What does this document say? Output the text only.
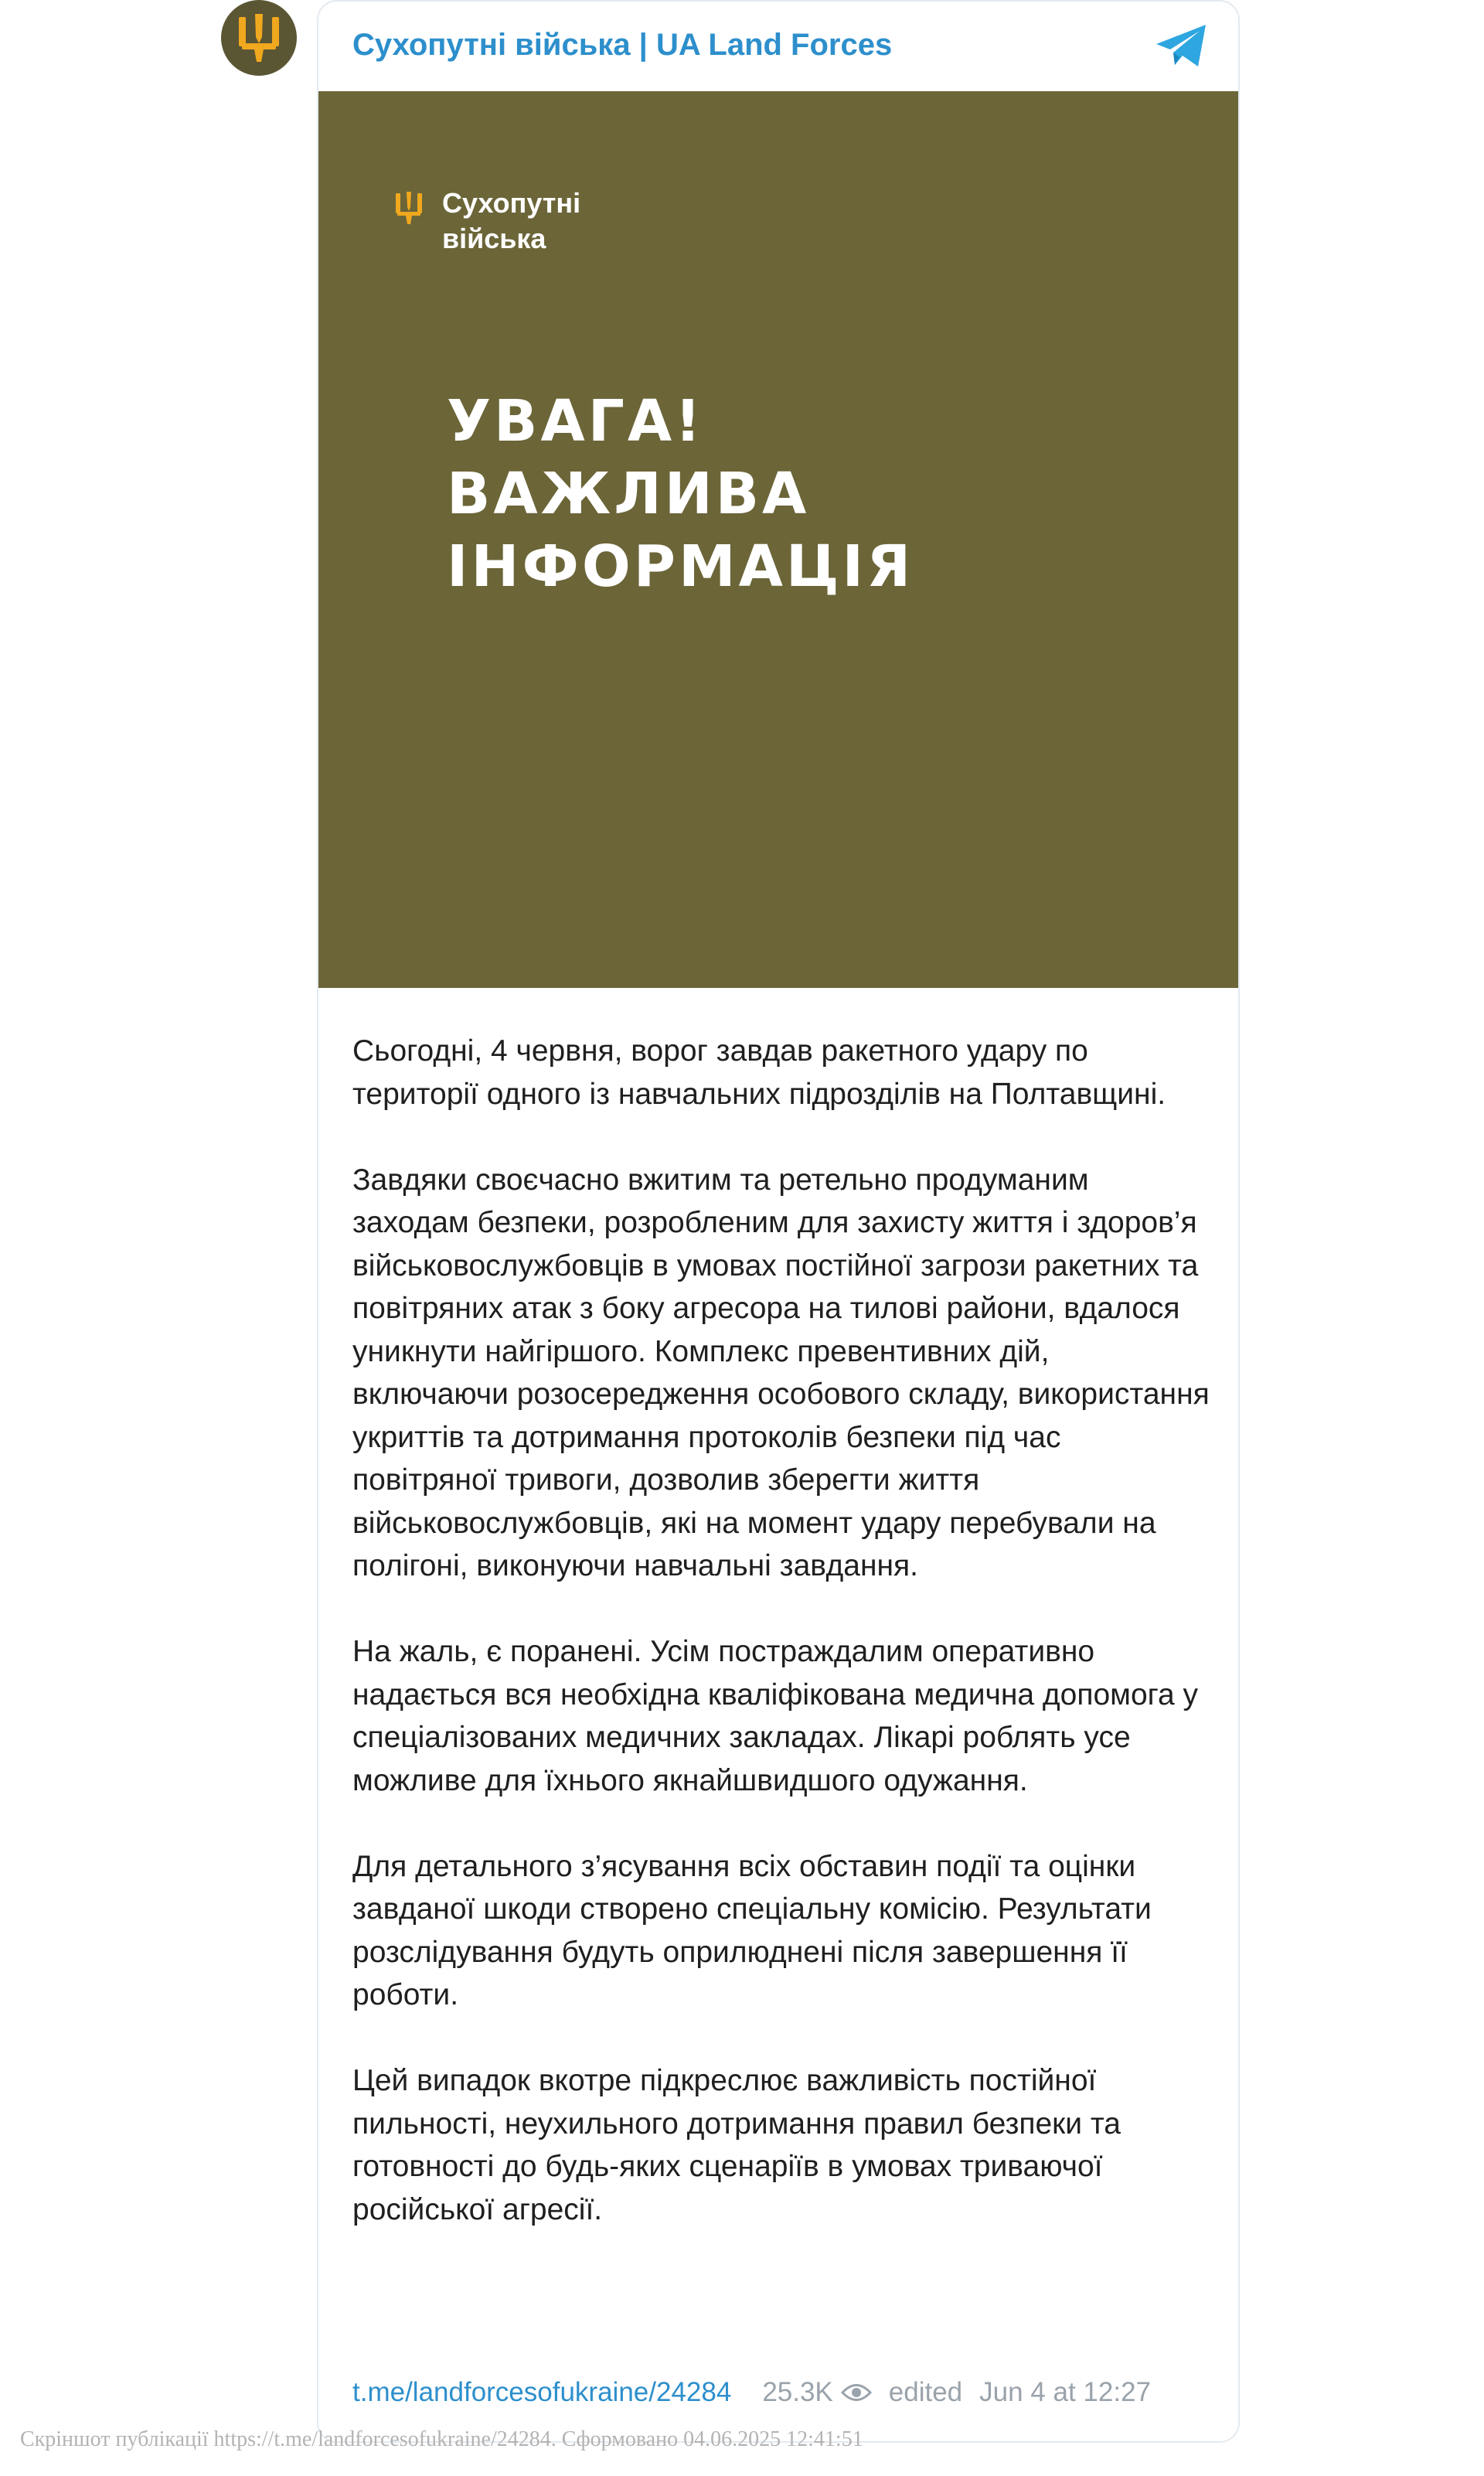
Сухопутні війська | UA Land Forces
Сухопутні війська
УВАГА!
ВАЖЛИВА
ІНФОРМАЦІЯ

Сьогодні, 4 червня, ворог завдав ракетного удару по території одного із навчальних підрозділів на Полтавщині.

Завдяки своєчасно вжитим та ретельно продуманим заходам безпеки, розробленим для захисту життя і здоров’я військовослужбовців в умовах постійної загрози ракетних та повітряних атак з боку агресора на тилові райони, вдалося уникнути найгіршого. Комплекс превентивних дій, включаючи розосередження особового складу, використання укриттів та дотримання протоколів безпеки під час повітряної тривоги, дозволив зберегти життя військовослужбовців, які на момент удару перебували на полігоні, виконуючи навчальні завдання.

На жаль, є поранені. Усім постраждалим оперативно надається вся необхідна кваліфікована медична допомога у спеціалізованих медичних закладах. Лікарі роблять усе можливе для їхнього якнайшвидшого одужання.

Для детального з’ясування всіх обставин події та оцінки завданої шкоди створено спеціальну комісію. Результати розслідування будуть оприлюднені після завершення її роботи.

Цей випадок вкотре підкреслює важливість постійної пильності, неухильного дотримання правил безпеки та готовності до будь-яких сценаріїв в умовах триваючої російської агресії.

t.me/landforcesofukraine/24284 25.3K edited Jun 4 at 12:27
Скріншот публікації https://t.me/landforcesofukraine/24284. Сформовано 04.06.2025 12:41:51
